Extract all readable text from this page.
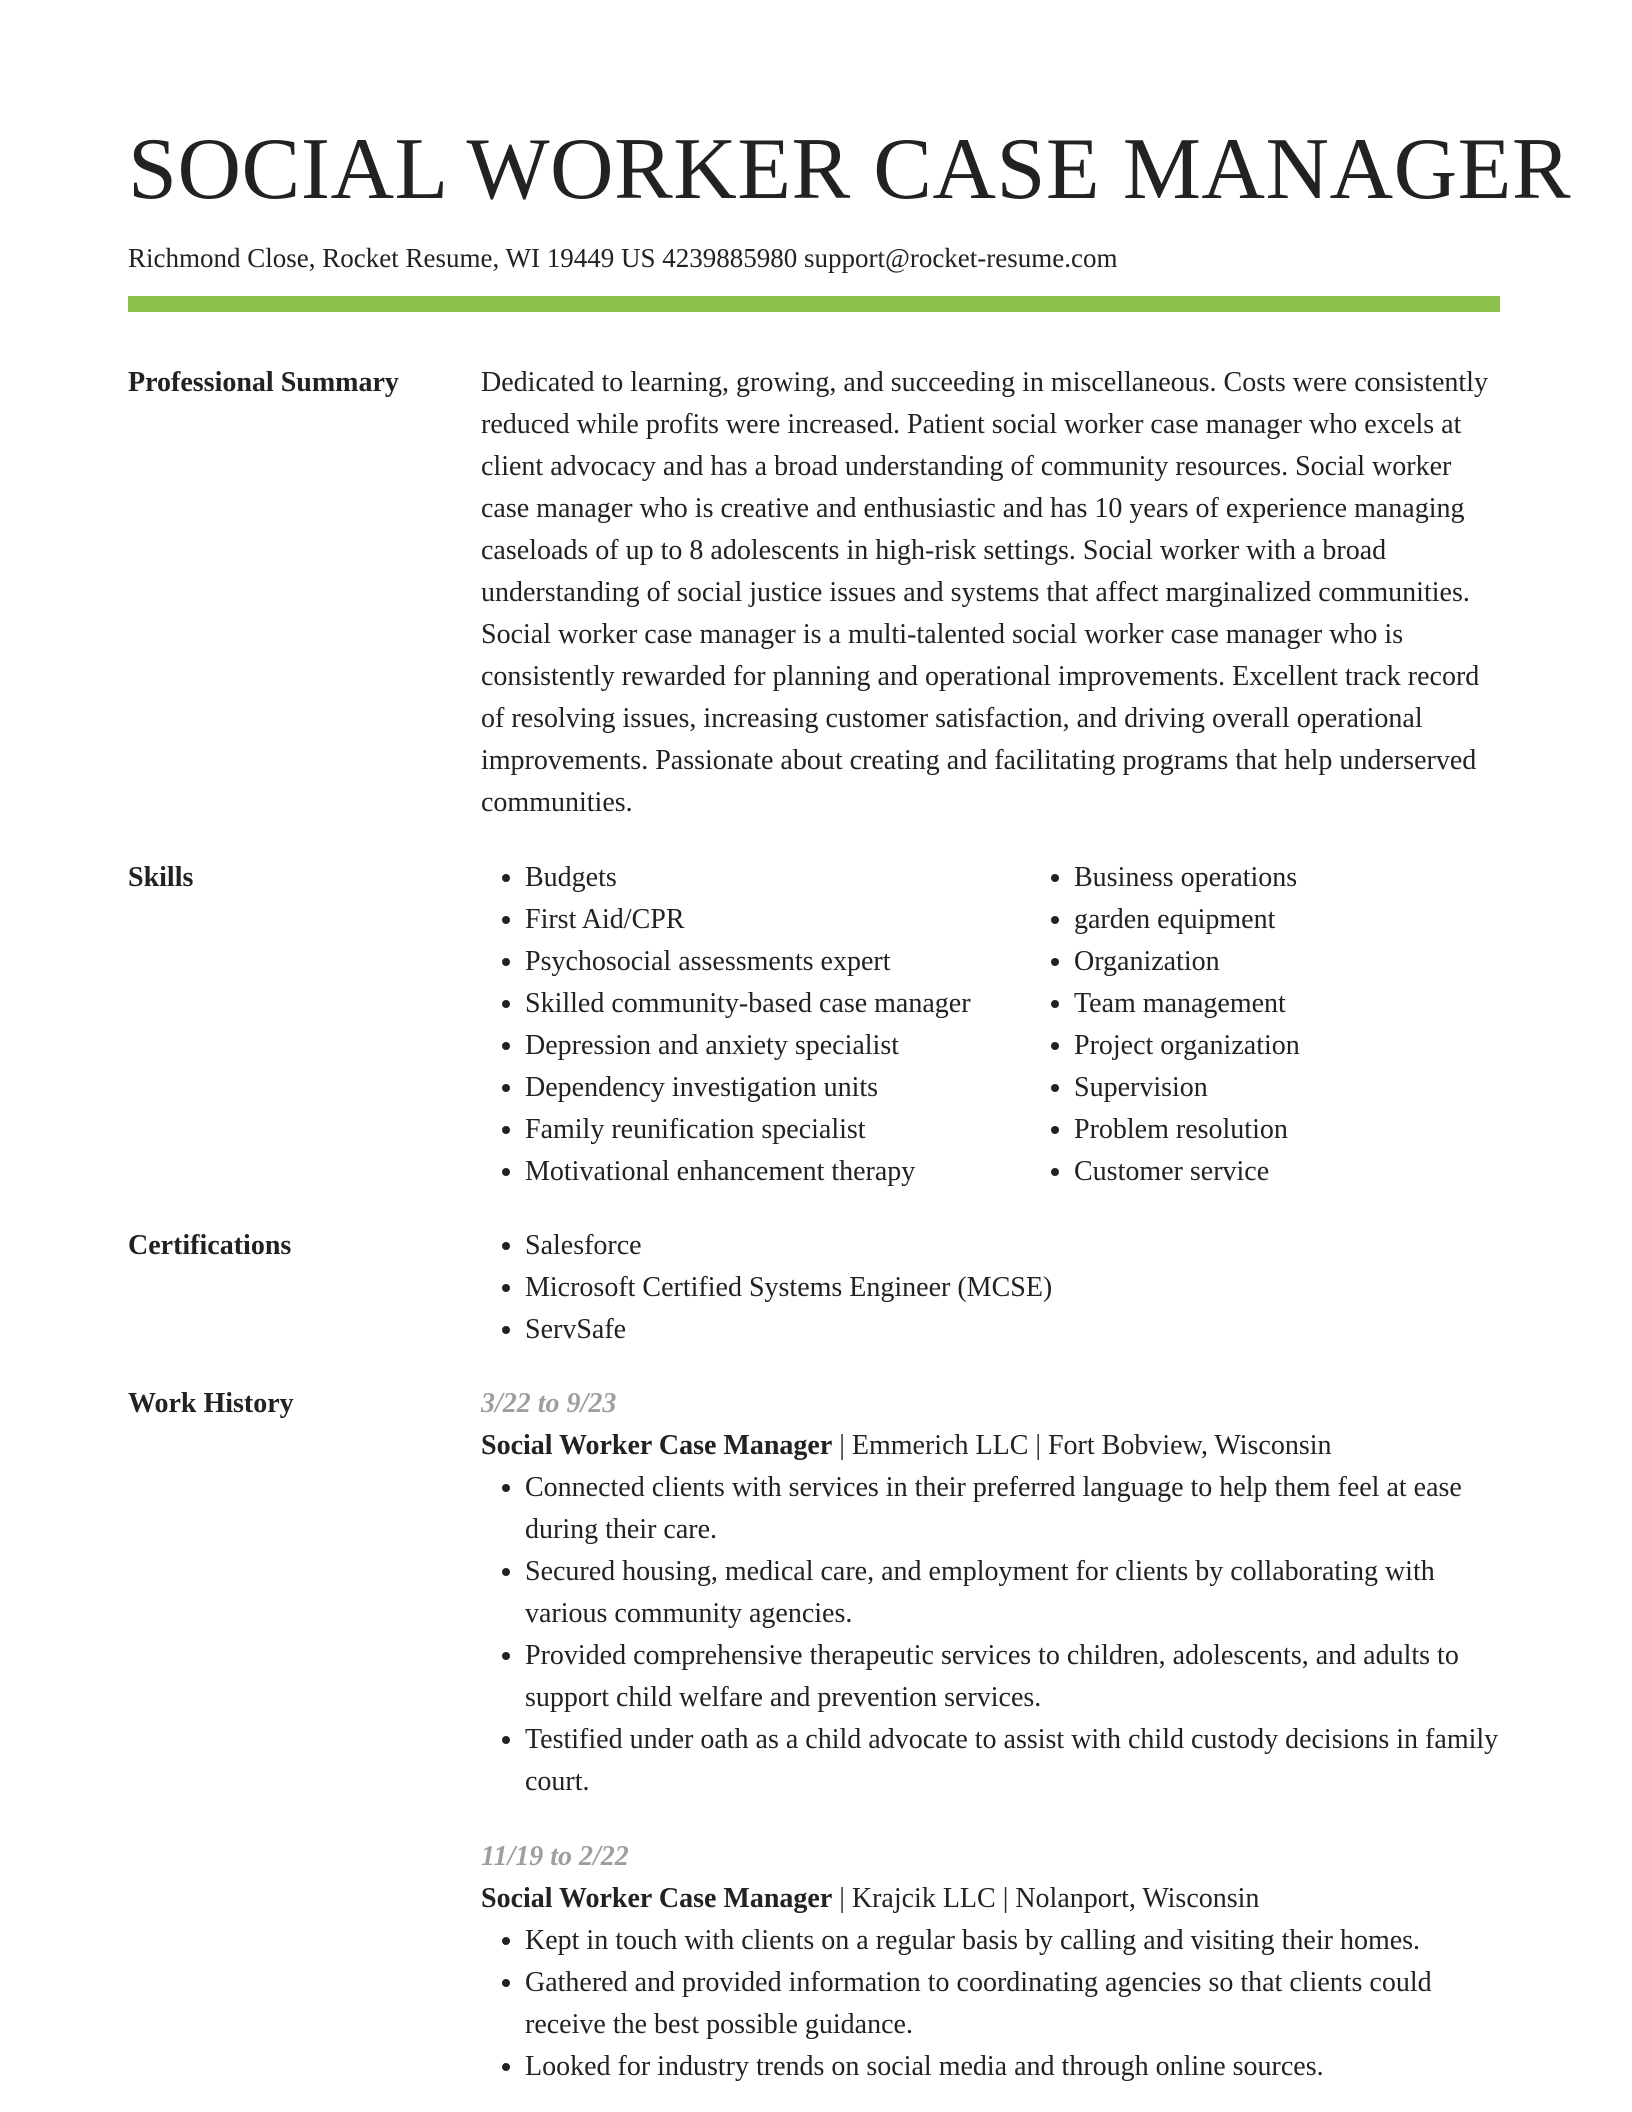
SOCIAL WORKER CASE MANAGER
Richmond Close, Rocket Resume, WI 19449 US 4239885980 support@rocket-resume.com
Professional Summary	Dedicated to learning, growing, and succeeding in miscellaneous. Costs were consistently reduced while profits were increased. Patient social worker case manager who excels at client advocacy and has a broad understanding of community resources. Social worker case manager who is creative and enthusiastic and has 10 years of experience managing caseloads of up to 8 adolescents in high-risk settings. Social worker with a broad understanding of social justice issues and systems that affect marginalized communities. Social worker case manager is a multi-talented social worker case manager who is consistently rewarded for planning and operational improvements. Excellent track record of resolving issues, increasing customer satisfaction, and driving overall operational improvements. Passionate about creating and facilitating programs that help underserved communities.

Skills	• Budgets
• First Aid/CPR
• Psychosocial assessments expert
• Skilled community-based case manager
• Depression and anxiety specialist
• Dependency investigation units
• Family reunification specialist
• Motivational enhancement therapy
• Business operations
• garden equipment
• Organization
• Team management
• Project organization
• Supervision
• Problem resolution
• Customer service
Certifications	• Salesforce
• Microsoft Certified Systems Engineer (MCSE)
• ServSafe
Work History	3/22 to 9/23
Social Worker Case Manager | Emmerich LLC | Fort Bobview, Wisconsin
• Connected clients with services in their preferred language to help them feel at ease during their care.
• Secured housing, medical care, and employment for clients by collaborating with various community agencies.
• Provided comprehensive therapeutic services to children, adolescents, and adults to support child welfare and prevention services.
• Testified under oath as a child advocate to assist with child custody decisions in family court.
11/19 to 2/22
Social Worker Case Manager | Krajcik LLC | Nolanport, Wisconsin
• Kept in touch with clients on a regular basis by calling and visiting their homes.
• Gathered and provided information to coordinating agencies so that clients could receive the best possible guidance.
• Looked for industry trends on social media and through online sources.
